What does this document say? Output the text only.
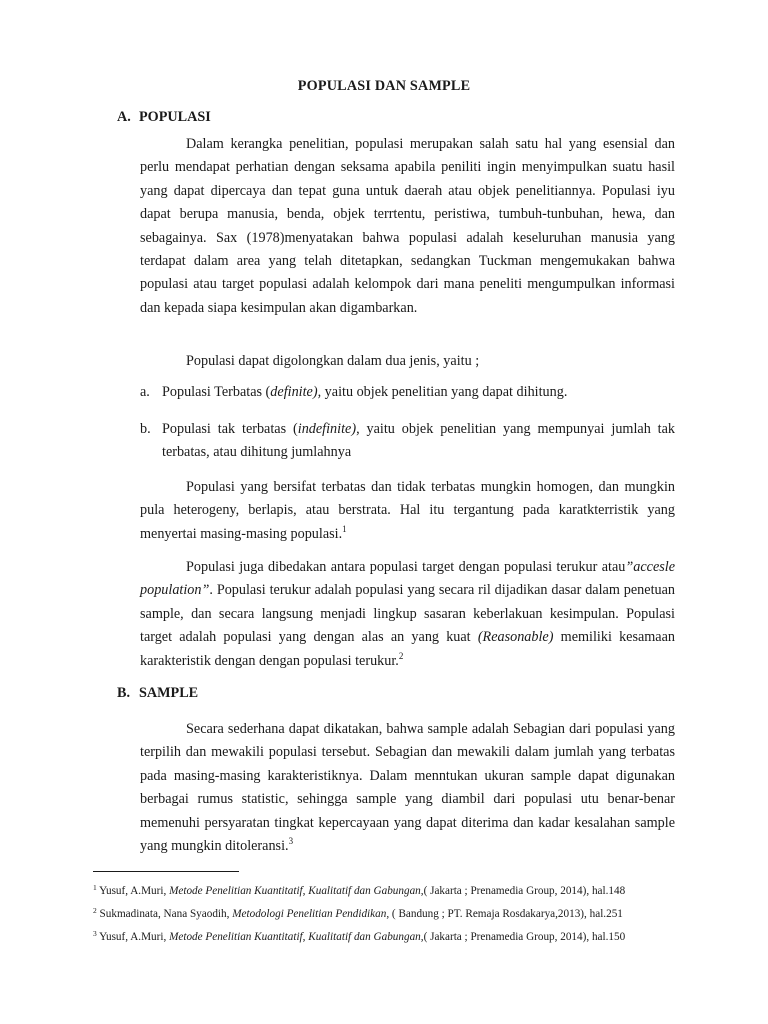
POPULASI DAN SAMPLE
A. POPULASI

Dalam kerangka penelitian, populasi merupakan salah satu hal yang esensial dan perlu mendapat perhatian dengan seksama apabila peniliti ingin menyimpulkan suatu hasil yang dapat dipercaya dan tepat guna untuk daerah atau objek penelitiannya. Populasi iyu dapat berupa manusia, benda, objek terrtentu, peristiwa, tumbuh-tunbuhan, hewa, dan sebagainya. Sax (1978)menyatakan bahwa populasi adalah keseluruhan manusia yang terdapat dalam area yang telah ditetapkan, sedangkan Tuckman mengemukakan bahwa populasi atau target populasi adalah kelompok dari mana peneliti mengumpulkan informasi dan kepada siapa kesimpulan akan digambarkan.

Populasi dapat digolongkan dalam dua jenis, yaitu ;

a. Populasi Terbatas (definite), yaitu objek penelitian yang dapat dihitung.
b. Populasi tak terbatas (indefinite), yaitu objek penelitian yang mempunyai jumlah tak terbatas, atau dihitung jumlahnya

Populasi yang bersifat terbatas dan tidak terbatas mungkin homogen, dan mungkin pula heterogeny, berlapis, atau berstrata. Hal itu tergantung pada karatkterristik yang menyertai masing-masing populasi.$^1$

Populasi juga dibedakan antara populasi target dengan populasi terukur atau”accesle population”. Populasi terukur adalah populasi yang secara ril dijadikan dasar dalam penetuan sample, dan secara langsung menjadi lingkup sasaran keberlakuan kesimpulan. Populasi target adalah populasi yang dengan alas an yang kuat (Reasonable) memiliki kesamaan karakteristik dengan dengan populasi terukur.$^2$

B. SAMPLE

Secara sederhana dapat dikatakan, bahwa sample adalah Sebagian dari populasi yang terpilih dan mewakili populasi tersebut. Sebagian dan mewakili dalam jumlah yang terbatas pada masing-masing karakteristiknya. Dalam menntukan ukuran sample dapat digunakan berbagai rumus statistic, sehingga sample yang diambil dari populasi utu benar-benar memenuhi persyaratan tingkat kepercayaan yang dapat diterima dan kadar kesalahan sample yang mungkin ditoleransi.$^3$

$^1$ Yusuf, A.Muri, Metode Penelitian Kuantitatif, Kualitatif dan Gabungan,( Jakarta ; Prenamedia Group, 2014), hal.148
$^2$ Sukmadinata, Nana Syaodih, Metodologi Penelitian Pendidikan, ( Bandung ; PT. Remaja Rosdakarya,2013), hal.251
$^3$ Yusuf, A.Muri, Metode Penelitian Kuantitatif, Kualitatif dan Gabungan,( Jakarta ; Prenamedia Group, 2014), hal.150
